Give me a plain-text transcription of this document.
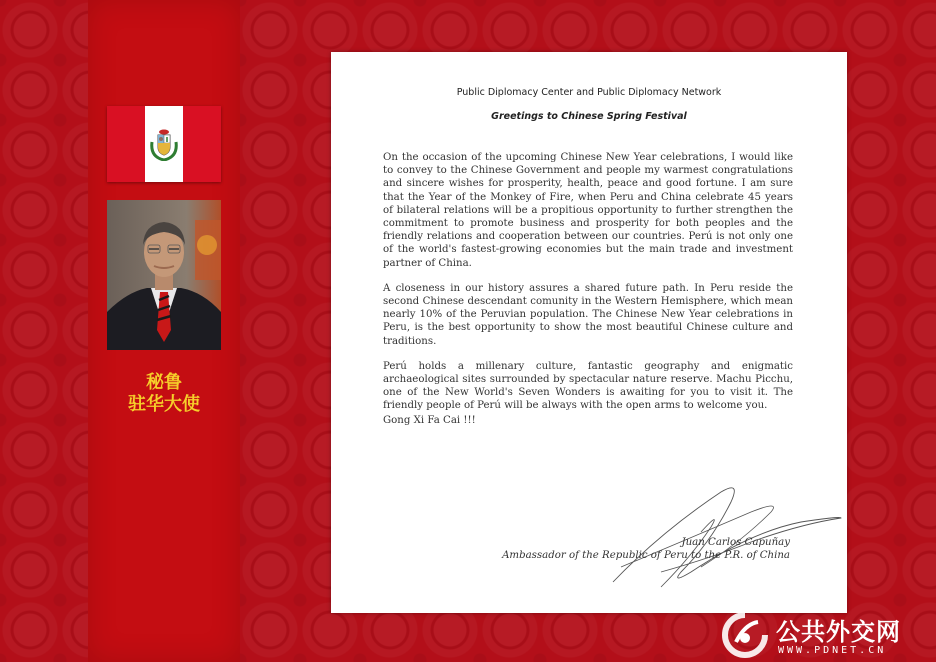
秘鲁
驻华大使
Public Diplomacy Center and Public Diplomacy Network
Greetings to Chinese Spring Festival

On the occasion of the upcoming Chinese New Year celebrations, I would like to convey to the Chinese Government and people my warmest congratulations and sincere wishes for prosperity, health, peace and good fortune. I am sure that the Year of the Monkey of Fire, when Peru and China celebrate 45 years of bilateral relations will be a propitious opportunity to further strengthen the commitment to promote business and prosperity for both peoples and the friendly relations and cooperation between our countries. Perú is not only one of the world's fastest-growing economies but the main trade and investment partner of China.

A closeness in our history assures a shared future path. In Peru reside the second Chinese descendant comunity in the Western Hemisphere, which mean nearly 10% of the Peruvian population. The Chinese New Year celebrations in Peru, is the best opportunity to show the most beautiful Chinese culture and traditions.

Perú holds a millenary culture, fantastic geography and enigmatic archaeological sites surrounded by spectacular nature reserve. Machu Picchu, one of the New World's Seven Wonders is awaiting for you to visit it. The friendly people of Perú will be always with the open arms to welcome you.

Gong Xi Fa Cai !!!
Juan Carlos Capuñay
Ambassador of the Republic of Peru to the P.R. of China
公共外交网
WWW.PDNET.CN
